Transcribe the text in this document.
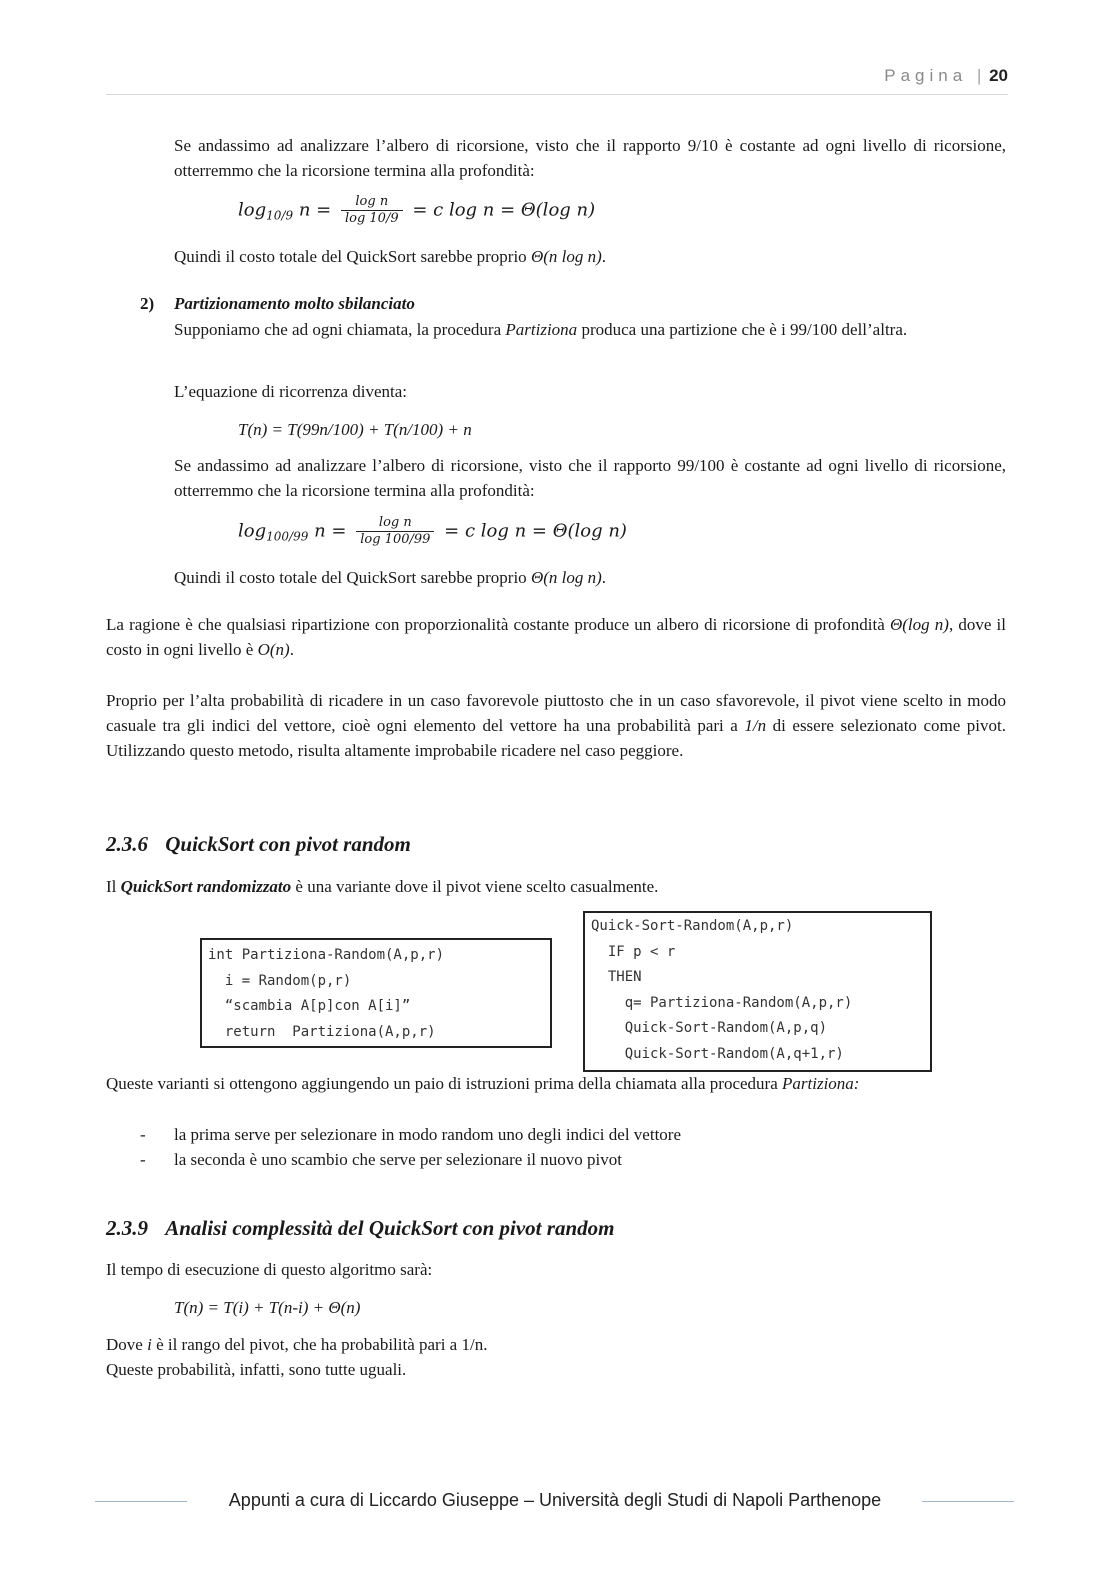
Pagina | 20
Se andassimo ad analizzare l’albero di ricorsione, visto che il rapporto 9/10 è costante ad ogni livello di ricorsione, otterremmo che la ricorsione termina alla profondità:
$\log_{10/9} n = \frac{\text{log n}}{\log 10/9} = c$ log n = Θ(log n)
Quindi il costo totale del QuickSort sarebbe proprio Θ(n log n).
2) Partizionamento molto sbilanciato
Supponiamo che ad ogni chiamata, la procedura Partiziona produca una partizione che è i 99/100 dell’altra.
L’equazione di ricorrenza diventa:
T(n) = T(99n/100) + T(n/100) + n
Se andassimo ad analizzare l’albero di ricorsione, visto che il rapporto 99/100 è costante ad ogni livello di ricorsione, otterremmo che la ricorsione termina alla profondità:
$\log_{100/99} n = \frac{\text{log n}}{\log 100/99} = c$ log n = Θ(log n)
Quindi il costo totale del QuickSort sarebbe proprio Θ(n log n).
La ragione è che qualsiasi ripartizione con proporzionalità costante produce un albero di ricorsione di profondità Θ(log n), dove il costo in ogni livello è O(n).
Proprio per l’alta probabilità di ricadere in un caso favorevole piuttosto che in un caso sfavorevole, il pivot viene scelto in modo casuale tra gli indici del vettore, cioè ogni elemento del vettore ha una probabilità pari a 1/n di essere selezionato come pivot. Utilizzando questo metodo, risulta altamente improbabile ricadere nel caso peggiore.
2.3.6 QuickSort con pivot random
Il QuickSort randomizzato è una variante dove il pivot viene scelto casualmente.
int Partiziona-Random(A,p,r)
i = Random(p,r)
“scambia A[p]con A[i]”
return  Partiziona(A,p,r)
Quick-Sort-Random(A,p,r)
IF p < r
THEN
q= Partiziona-Random(A,p,r)
Quick-Sort-Random(A,p,q)
Quick-Sort-Random(A,q+1,r)
Queste varianti si ottengono aggiungendo un paio di istruzioni prima della chiamata alla procedura Partiziona:
- la prima serve per selezionare in modo random uno degli indici del vettore
- la seconda è uno scambio che serve per selezionare il nuovo pivot
2.3.9 Analisi complessità del QuickSort con pivot random
Il tempo di esecuzione di questo algoritmo sarà:
T(n) = T(i) + T(n-i) + Θ(n)
Dove i è il rango del pivot, che ha probabilità pari a 1/n.
Queste probabilità, infatti, sono tutte uguali.
Appunti a cura di Liccardo Giuseppe – Università degli Studi di Napoli Parthenope
